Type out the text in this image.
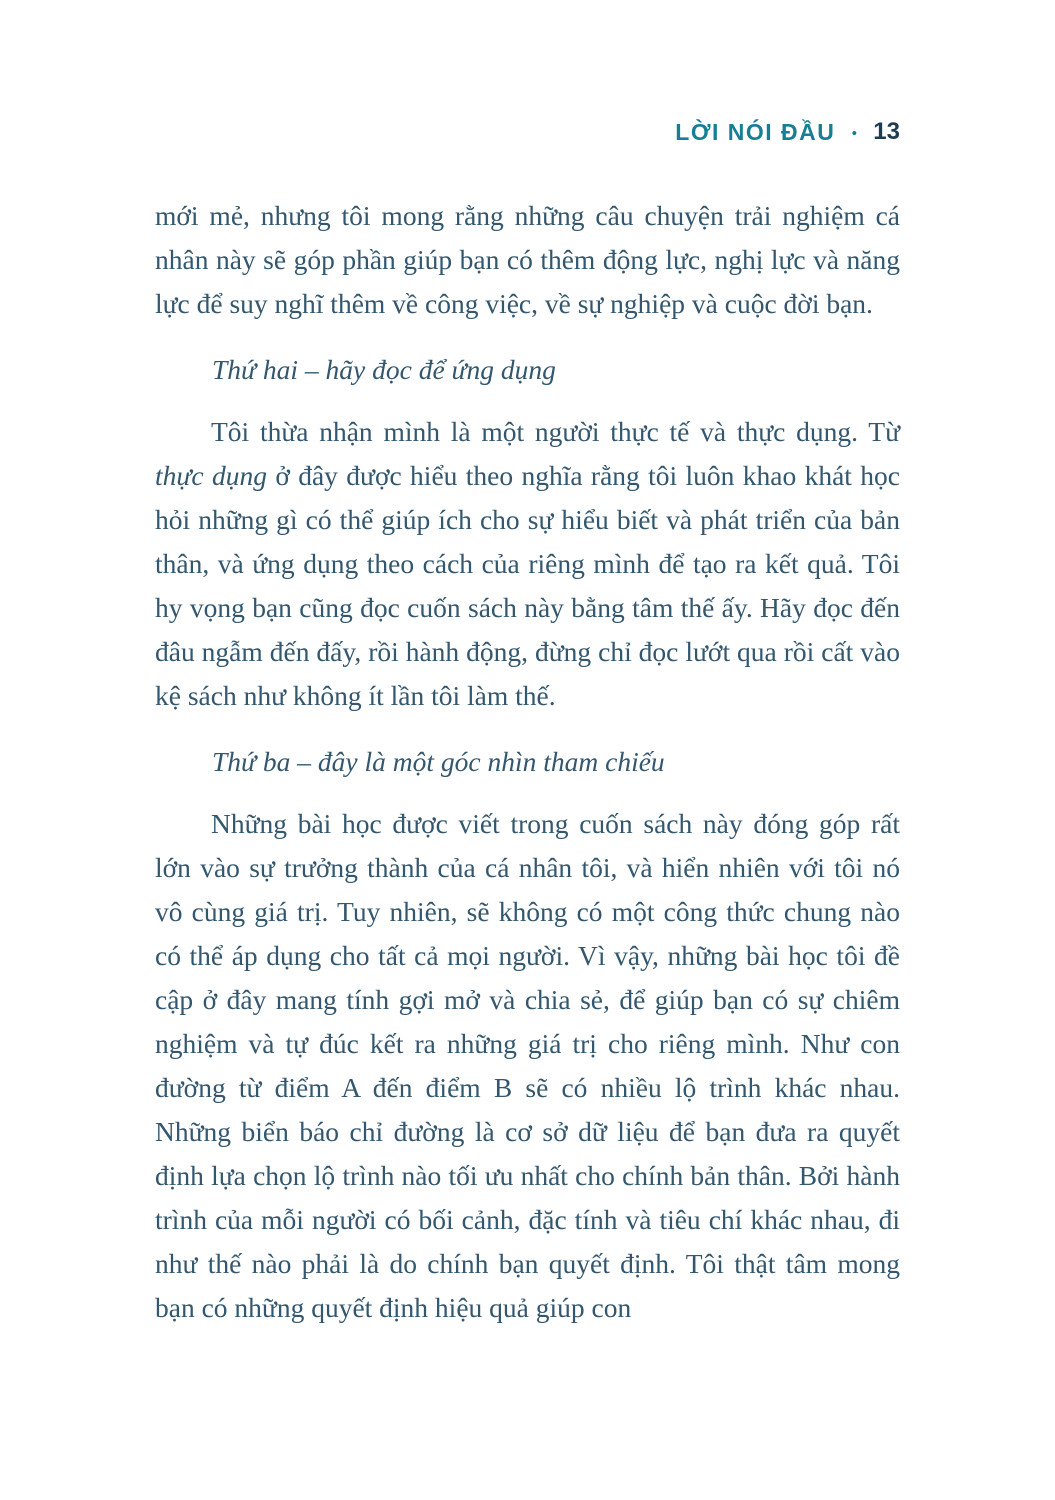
LỜI NÓI ĐẦU • 13

mới mẻ, nhưng tôi mong rằng những câu chuyện trải nghiệm cá nhân này sẽ góp phần giúp bạn có thêm động lực, nghị lực và năng lực để suy nghĩ thêm về công việc, về sự nghiệp và cuộc đời bạn.

Thứ hai – hãy đọc để ứng dụng

Tôi thừa nhận mình là một người thực tế và thực dụng. Từ thực dụng ở đây được hiểu theo nghĩa rằng tôi luôn khao khát học hỏi những gì có thể giúp ích cho sự hiểu biết và phát triển của bản thân, và ứng dụng theo cách của riêng mình để tạo ra kết quả. Tôi hy vọng bạn cũng đọc cuốn sách này bằng tâm thế ấy. Hãy đọc đến đâu ngẫm đến đấy, rồi hành động, đừng chỉ đọc lướt qua rồi cất vào kệ sách như không ít lần tôi làm thế.

Thứ ba – đây là một góc nhìn tham chiếu

Những bài học được viết trong cuốn sách này đóng góp rất lớn vào sự trưởng thành của cá nhân tôi, và hiển nhiên với tôi nó vô cùng giá trị. Tuy nhiên, sẽ không có một công thức chung nào có thể áp dụng cho tất cả mọi người. Vì vậy, những bài học tôi đề cập ở đây mang tính gợi mở và chia sẻ, để giúp bạn có sự chiêm nghiệm và tự đúc kết ra những giá trị cho riêng mình. Như con đường từ điểm A đến điểm B sẽ có nhiều lộ trình khác nhau. Những biển báo chỉ đường là cơ sở dữ liệu để bạn đưa ra quyết định lựa chọn lộ trình nào tối ưu nhất cho chính bản thân. Bởi hành trình của mỗi người có bối cảnh, đặc tính và tiêu chí khác nhau, đi như thế nào phải là do chính bạn quyết định. Tôi thật tâm mong bạn có những quyết định hiệu quả giúp con
